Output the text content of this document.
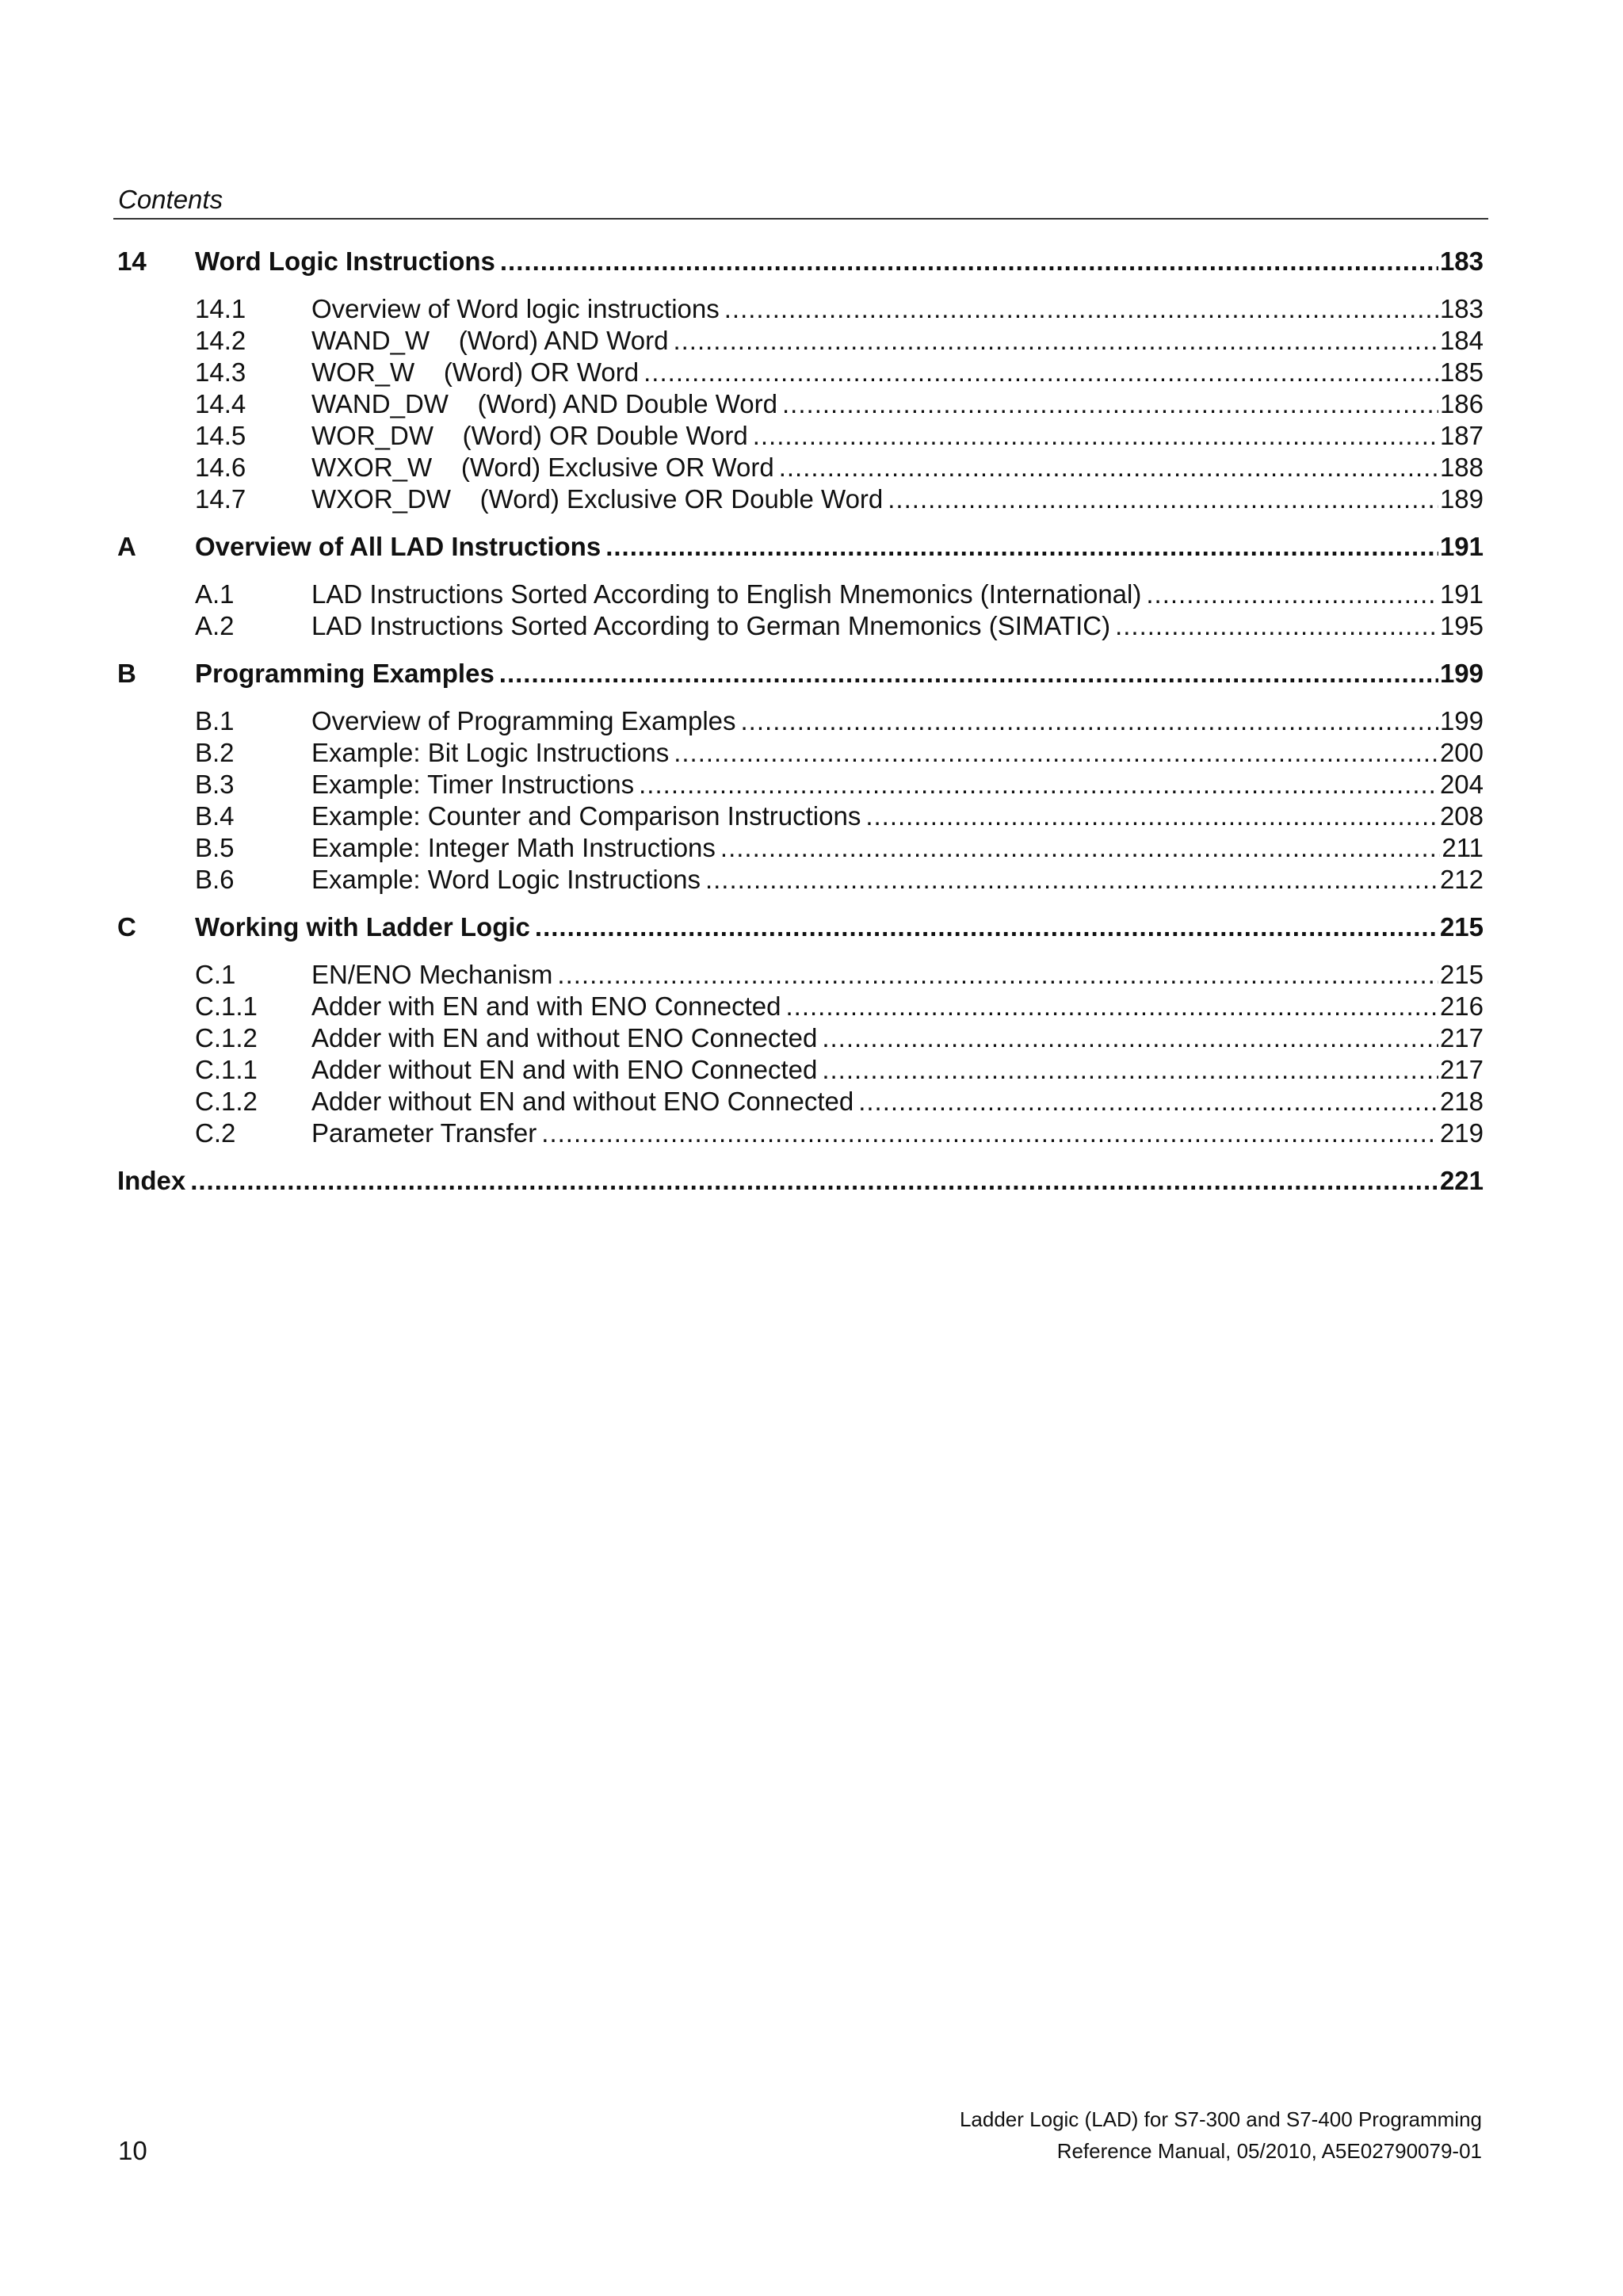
Contents
14	Word Logic Instructions .....	183
14.1	Overview of Word logic instructions .....	183
14.2	WAND_W    (Word) AND Word .....	184
14.3	WOR_W    (Word) OR Word .....	185
14.4	WAND_DW    (Word) AND Double Word .....	186
14.5	WOR_DW    (Word) OR Double Word .....	187
14.6	WXOR_W    (Word) Exclusive OR Word .....	188
14.7	WXOR_DW    (Word) Exclusive OR Double Word .....	189
A	Overview of All LAD Instructions .....	191
A.1	LAD Instructions Sorted According to English Mnemonics (International) .....	191
A.2	LAD Instructions Sorted According to German Mnemonics (SIMATIC) .....	195
B	Programming Examples .....	199
B.1	Overview of Programming Examples .....	199
B.2	Example: Bit Logic Instructions .....	200
B.3	Example: Timer Instructions .....	204
B.4	Example: Counter and Comparison Instructions .....	208
B.5	Example: Integer Math Instructions .....	211
B.6	Example: Word Logic Instructions .....	212
C	Working with Ladder Logic .....	215
C.1	EN/ENO Mechanism .....	215
C.1.1	Adder with EN and with ENO Connected .....	216
C.1.2	Adder with EN and without ENO Connected .....	217
C.1.1	Adder without EN and with ENO Connected .....	217
C.1.2	Adder without EN and without ENO Connected .....	218
C.2	Parameter Transfer .....	219
Index .....	221
10
Ladder Logic (LAD) for S7-300 and S7-400 Programming
Reference Manual, 05/2010, A5E02790079-01
